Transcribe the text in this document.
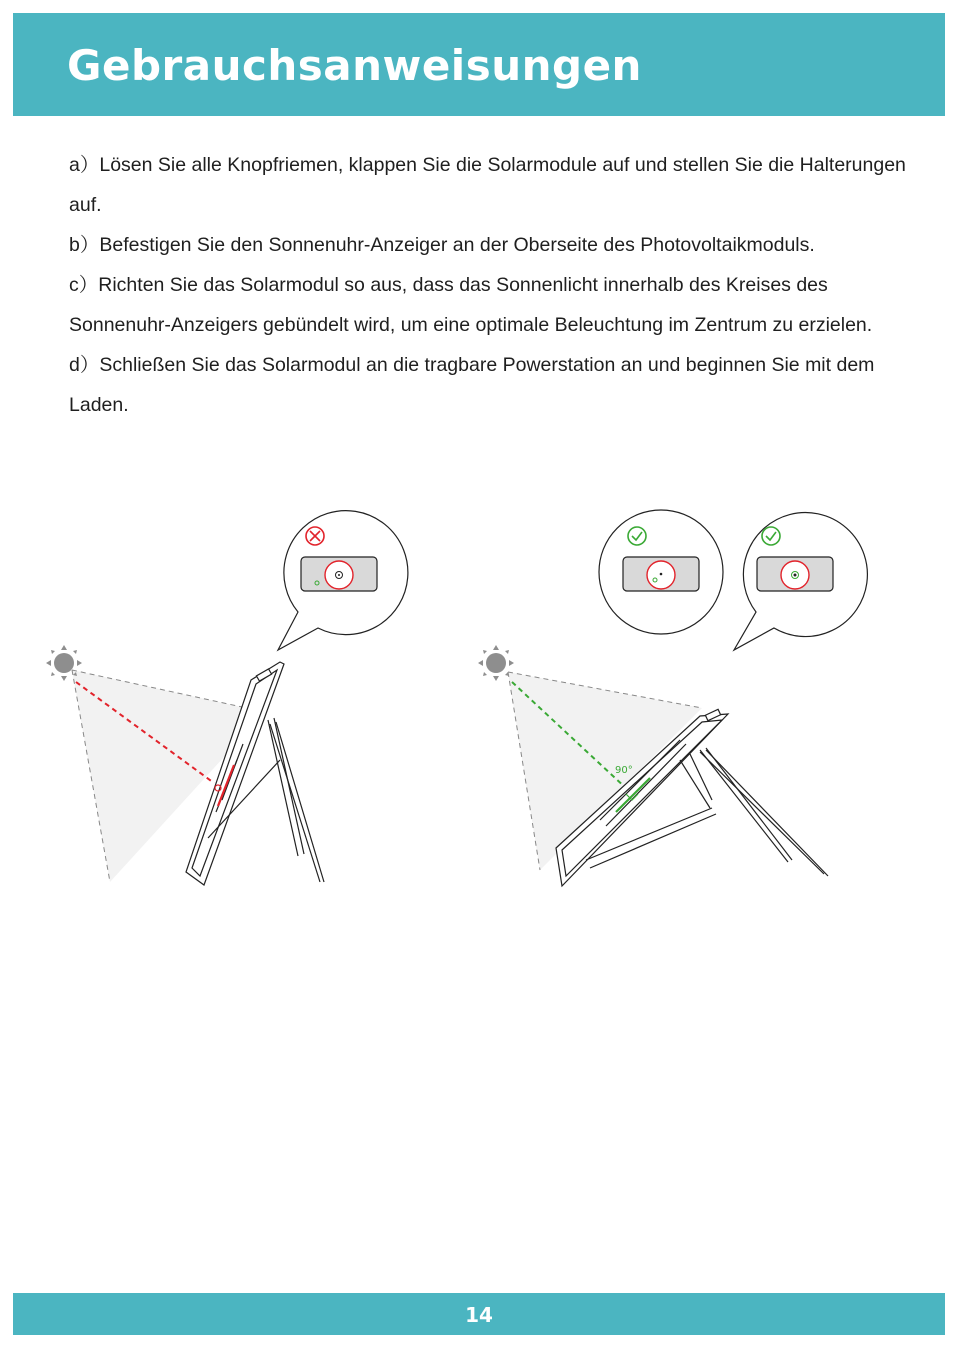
Gebrauchsanweisungen

a）Lösen Sie alle Knopfriemen, klappen Sie die Solarmodule auf und stellen Sie die Halterungen auf.

b）Befestigen Sie den Sonnenuhr-Anzeiger an der Oberseite des Photovoltaikmoduls.

c）Richten Sie das Solarmodul so aus, dass das Sonnenlicht innerhalb des Kreises des Sonnenuhr-Anzeigers gebündelt wird, um eine optimale Beleuchtung im Zentrum zu erzielen.

d）Schließen Sie das Solarmodul an die tragbare Powerstation an und beginnen Sie mit dem Laden.

90°
14
